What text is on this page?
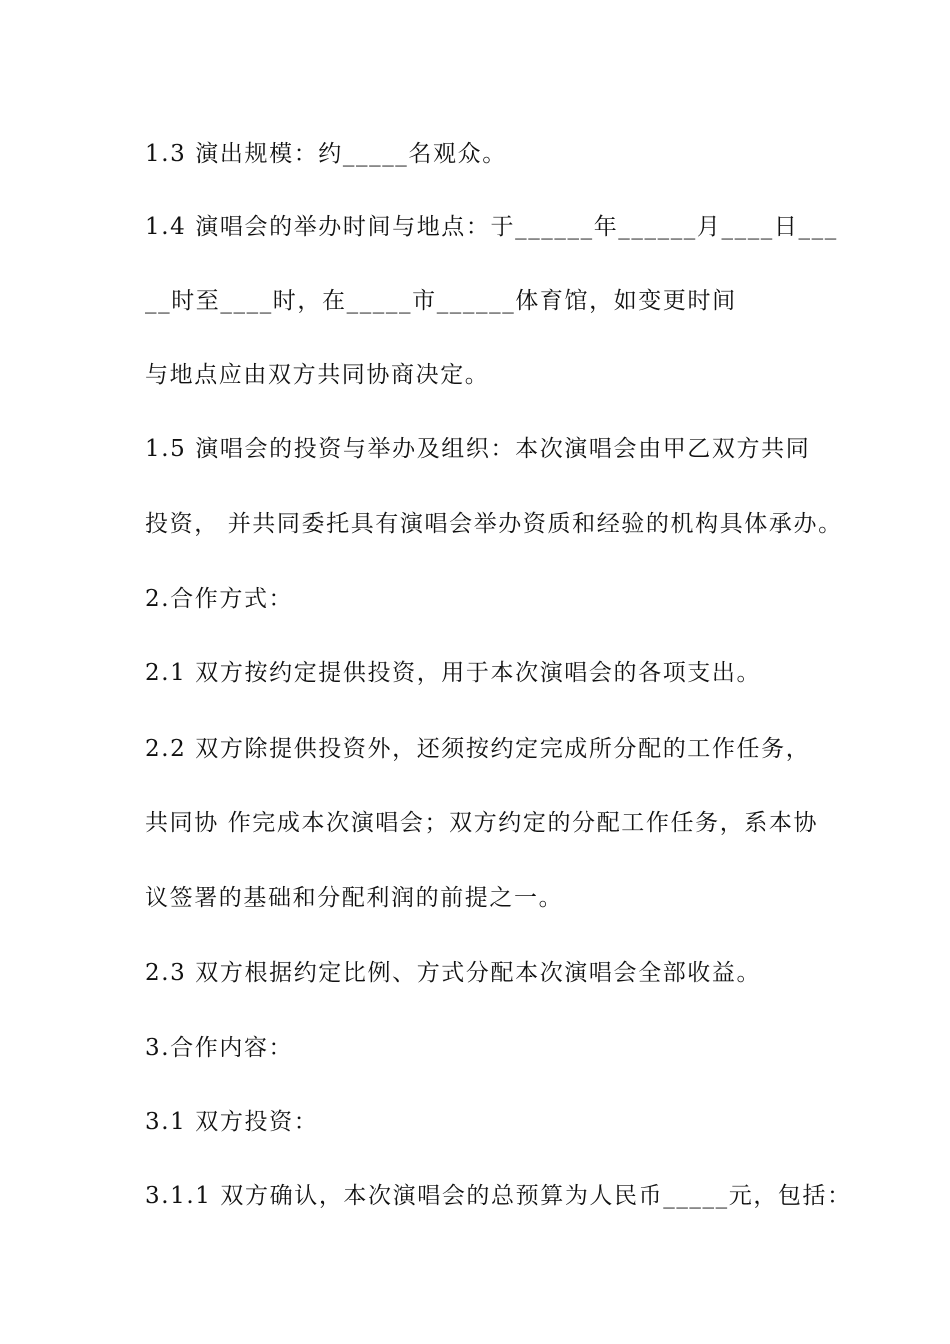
1.3 演出规模：约_____名观众。
1.4 演唱会的举办时间与地点：于______年______月____日___
__时至____时，在_____市______体育馆，如变更时间
与地点应由双方共同协商决定。
1.5 演唱会的投资与举办及组织：本次演唱会由甲乙双方共同
投资， 并共同委托具有演唱会举办资质和经验的机构具体承办。
2.合作方式：
2.1 双方按约定提供投资，用于本次演唱会的各项支出。
2.2 双方除提供投资外，还须按约定完成所分配的工作任务，
共同协 作完成本次演唱会；双方约定的分配工作任务，系本协
议签署的基础和分配利润的前提之一。
2.3 双方根据约定比例、方式分配本次演唱会全部收益。
3.合作内容：
3.1 双方投资：
3.1.1 双方确认，本次演唱会的总预算为人民币_____元，包括：
